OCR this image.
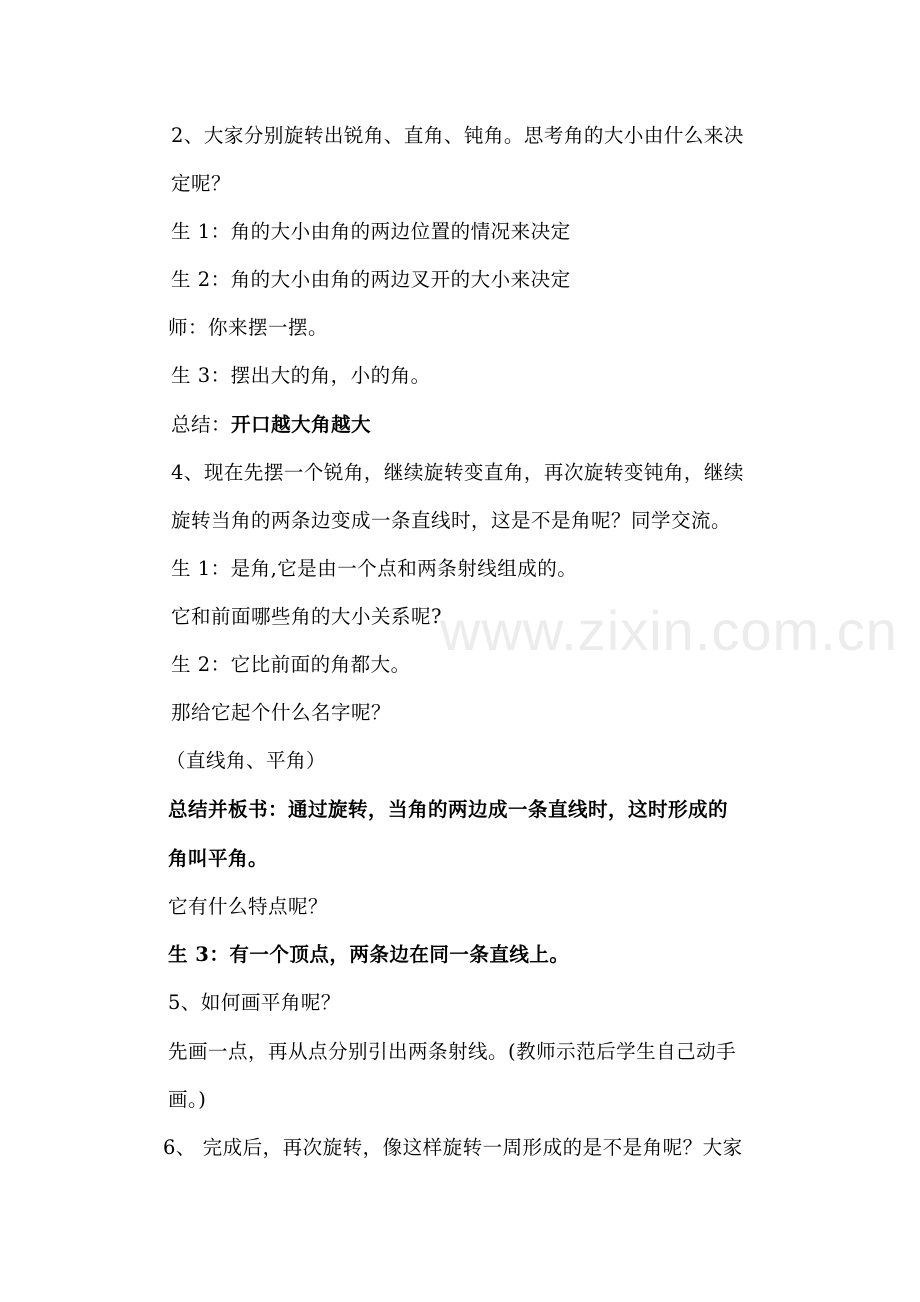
www.zixin.com.cn
2、大家分别旋转出锐角、直角、钝角。思考角的大小由什么来决
定呢？
生 1：角的大小由角的两边位置的情况来决定
生 2：角的大小由角的两边叉开的大小来决定
师：你来摆一摆。
生 3：摆出大的角，小的角。
总结：开口越大角越大
4、现在先摆一个锐角，继续旋转变直角，再次旋转变钝角，继续
旋转当角的两条边变成一条直线时，这是不是角呢？同学交流。
生 1：是角,它是由一个点和两条射线组成的。
它和前面哪些角的大小关系呢?
生 2：它比前面的角都大。
那给它起个什么名字呢？
（直线角、平角）
总结并板书：通过旋转，当角的两边成一条直线时，这时形成的
角叫平角。
它有什么特点呢？
生 3：有一个顶点，两条边在同一条直线上。
5、如何画平角呢？
先画一点，再从点分别引出两条射线。(教师示范后学生自己动手
画。)
6、 完成后，再次旋转，像这样旋转一周形成的是不是角呢？大家
